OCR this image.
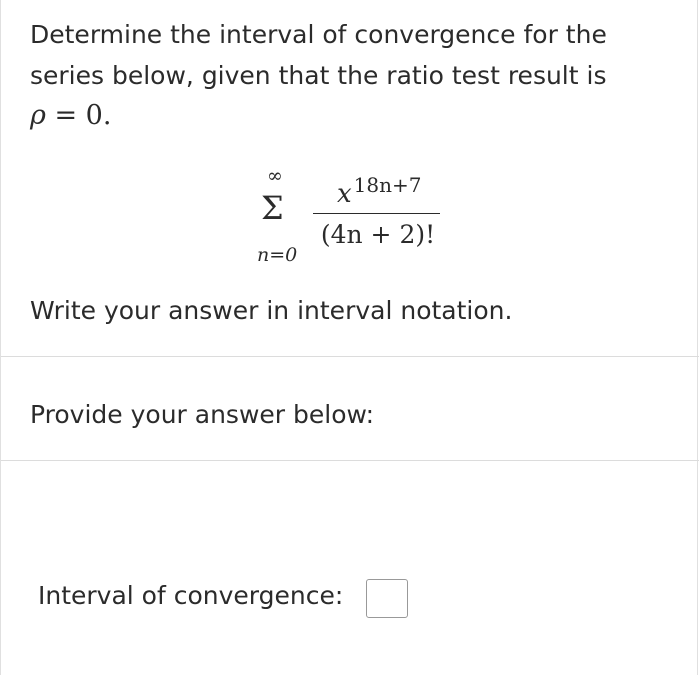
Determine the interval of convergence for the
series below, given that the ratio test result is
ρ = 0.
∞
Σ
n=0
x $^{18n+7}$
(4n + 2)!
Write your answer in interval notation.
Provide your answer below:
Interval of convergence:
